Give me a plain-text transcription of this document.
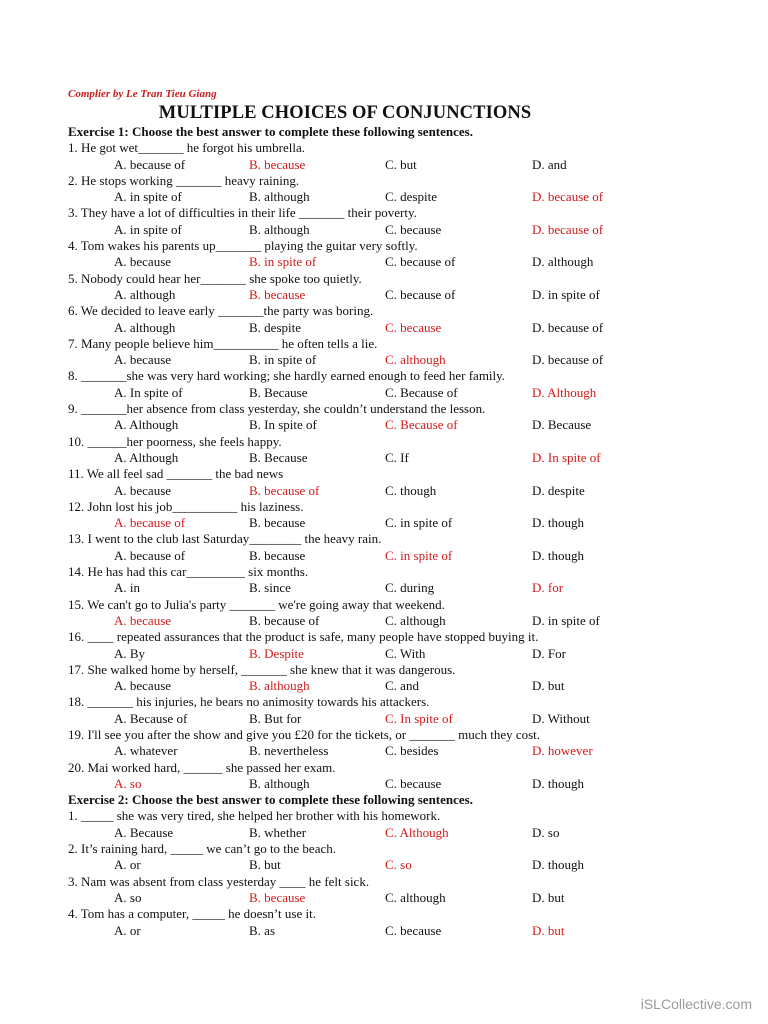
Complier by Le Tran Tieu Giang
MULTIPLE CHOICES OF CONJUNCTIONS
Exercise 1: Choose the best answer to complete these following sentences.
1. He got wet_______ he forgot his umbrella.
A. because of	B. because	C. but	D. and
2. He stops working _______ heavy raining.
A. in spite of	B. although	C. despite	D. because of
3. They have a lot of difficulties in their life _______ their poverty.
A. in spite of	B. although	C. because	D. because of
4. Tom wakes his parents up_______ playing the guitar very softly.
A. because	B. in spite of	C. because of	D. although
5. Nobody could hear her_______ she spoke too quietly.
A. although	B. because	C. because of	D. in spite of
6. We decided to leave early _______the party was boring.
A. although	B. despite	C. because	D. because of
7. Many people believe him__________ he often tells a lie.
A. because	B. in spite of	C. although	D. because of
8. _______she was very hard working; she hardly earned enough to feed her family.
A. In spite of	B. Because	C. Because of	D. Although
9. _______her absence from class yesterday, she couldn’t understand the lesson.
A. Although	B. In spite of	C. Because of	D. Because
10. ______her poorness, she feels happy.
A. Although	B. Because	C. If	D. In spite of
11. We all feel sad _______ the bad news
A. because	B. because of	C. though	D. despite
12. John lost his job__________ his laziness.
A. because of	B. because	C. in spite of	D. though
13. I went to the club last Saturday________ the heavy rain.
A. because of	B. because	C. in spite of	D. though
14. He has had this car_________ six months.
A. in	B. since	C. during	D. for
15. We can't go to Julia's party _______ we're going away that weekend.
A. because	B. because of	C. although	D. in spite of
16. ____ repeated assurances that the product is safe, many people have stopped buying it.
A. By	B. Despite	C. With	D. For
17. She walked home by herself, _______ she knew that it was dangerous.
A. because	B. although	C. and	D. but
18. _______ his injuries, he bears no animosity towards his attackers.
A. Because of	B. But for	C. In spite of	D. Without
19. I'll see you after the show and give you £20 for the tickets, or _______ much they cost.
A. whatever	B. nevertheless	C. besides	D. however
20. Mai worked hard, ______ she passed her exam.
A. so	B. although	C. because	D. though
Exercise 2: Choose the best answer to complete these following sentences.
1. _____ she was very tired, she helped her brother with his homework.
A. Because	B. whether	C. Although	D. so
2. It’s raining hard, _____ we can’t go to the beach.
A. or	B. but	C. so	D. though
3. Nam was absent from class yesterday ____ he felt sick.
A. so	B. because	C. although	D. but
4. Tom has a computer, _____ he doesn’t use it.
A. or	B. as	C. because	D. but
iSLCollective.com
